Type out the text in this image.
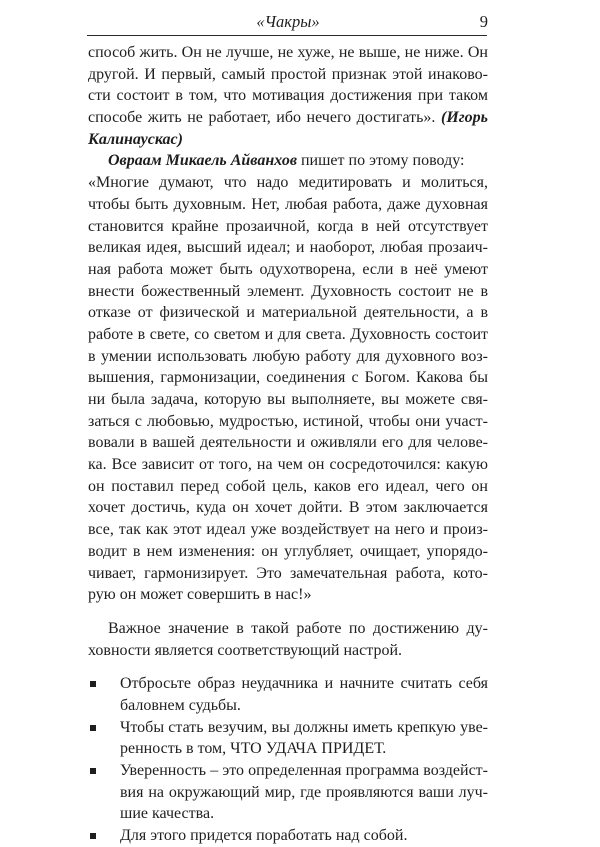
«Чакры»	9
способ жить. Он не лучше, не хуже, не выше, не ниже. Он
другой. И первый, самый простой признак этой инаково-
сти состоит в том, что мотивация достижения при таком
способе жить не работает, ибо нечего достигать». (Игорь
Калинаускас)
Овраам Микаель Айванхов пишет по этому поводу:
«Многие думают, что надо медитировать и молиться,
чтобы быть духовным. Нет, любая работа, даже духовная
становится крайне прозаичной, когда в ней отсутствует
великая идея, высший идеал; и наоборот, любая прозаич-
ная работа может быть одухотворена, если в неё умеют
внести божественный элемент. Духовность состоит не в
отказе от физической и материальной деятельности, а в
работе в свете, со светом и для света. Духовность состоит
в умении использовать любую работу для духовного воз-
вышения, гармонизации, соединения с Богом. Какова бы
ни была задача, которую вы выполняете, вы можете свя-
заться с любовью, мудростью, истиной, чтобы они участ-
вовали в вашей деятельности и оживляли его для челове-
ка. Все зависит от того, на чем он сосредоточился: какую
он поставил перед собой цель, каков его идеал, чего он
хочет достичь, куда он хочет дойти. В этом заключается
все, так как этот идеал уже воздействует на него и произ-
водит в нем изменения: он углубляет, очищает, упорядо-
чивает, гармонизирует. Это замечательная работа, кото-
рую он может совершить в нас!»
Важное значение в такой работе по достижению ду-
ховности является соответствующий настрой.
Отбросьте образ неудачника и начните считать себя
баловнем судьбы.
Чтобы стать везучим, вы должны иметь крепкую уве-
ренность в том, ЧТО УДАЧА ПРИДЕТ.
Уверенность – это определенная программа воздейст-
вия на окружающий мир, где проявляются ваши луч-
шие качества.
Для этого придется поработать над собой.
